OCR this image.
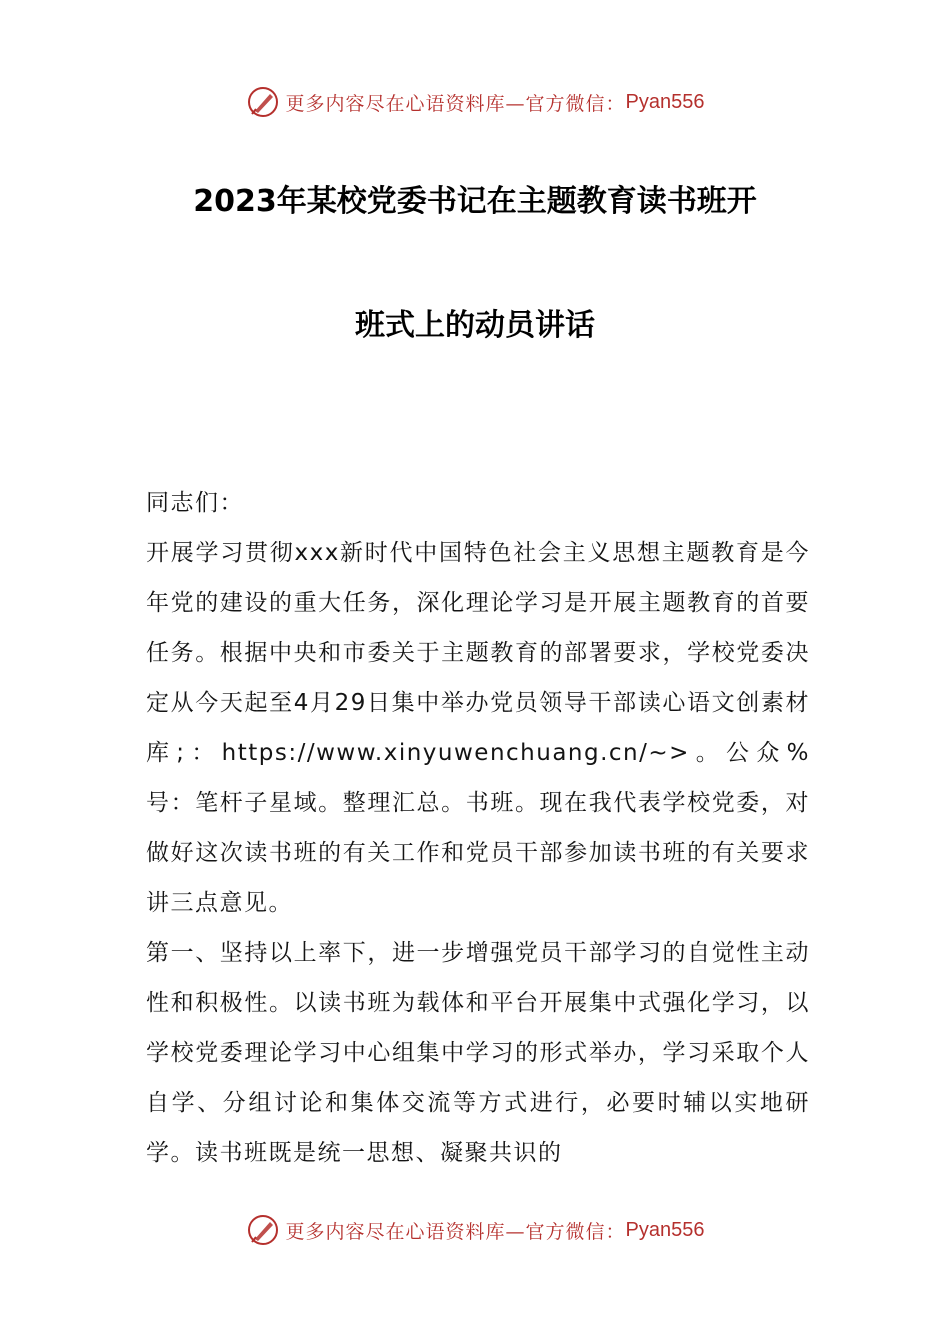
更多内容尽在心语资料库—官方微信： Pyan556
2023年某校党委书记在主题教育读书班开
班式上的动员讲话

同志们：

开展学习贯彻xxx新时代中国特色社会主义思想主题教育是今年党的建设的重大任务，深化理论学习是开展主题教育的首要任务。根据中央和市委关于主题教育的部署要求，学校党委决定从今天起至4月29日集中举办党员领导干部读心语文创素材库;：https://www.xinyuwenchuang.cn/~>。公众%号：笔杆子星域。整理汇总。书班。现在我代表学校党委，对做好这次读书班的有关工作和党员干部参加读书班的有关要求讲三点意见。

第一、坚持以上率下，进一步增强党员干部学习的自觉性主动性和积极性。以读书班为载体和平台开展集中式强化学习，以学校党委理论学习中心组集中学习的形式举办，学习采取个人自学、分组讨论和集体交流等方式进行，必要时辅以实地研学。读书班既是统一思想、凝聚共识的

更多内容尽在心语资料库—官方微信： Pyan556
